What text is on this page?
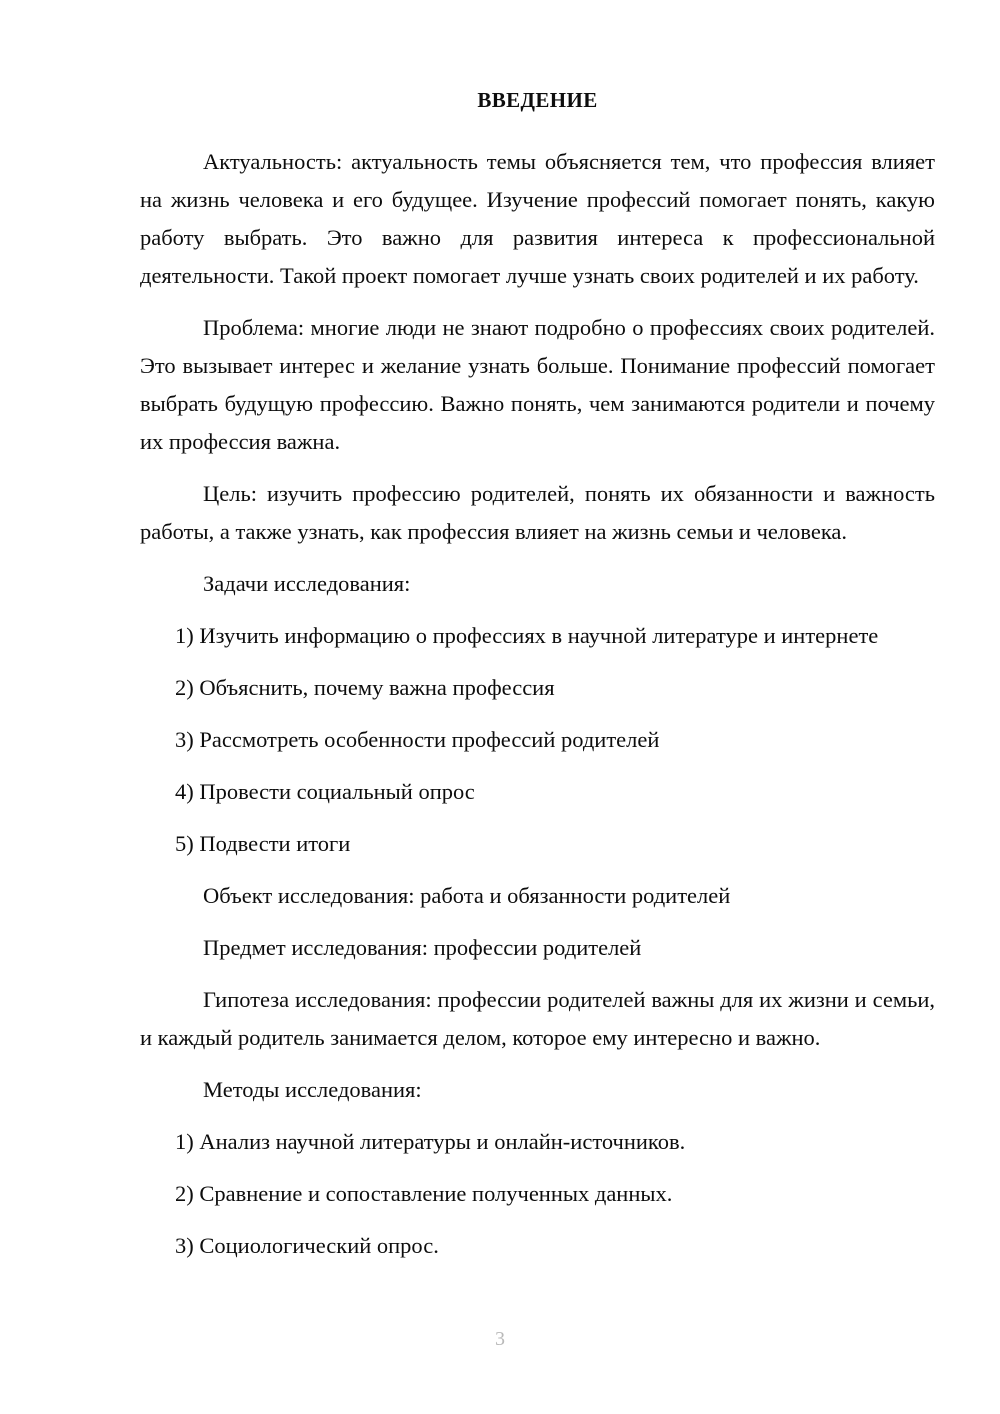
ВВЕДЕНИЕ

Актуальность: актуальность темы объясняется тем, что профессия влияет на жизнь человека и его будущее. Изучение профессий помогает понять, какую работу выбрать. Это важно для развития интереса к профессиональной деятельности. Такой проект помогает лучше узнать своих родителей и их работу.

Проблема: многие люди не знают подробно о профессиях своих родителей. Это вызывает интерес и желание узнать больше. Понимание профессий помогает выбрать будущую профессию. Важно понять, чем занимаются родители и почему их профессия важна.

Цель: изучить профессию родителей, понять их обязанности и важность работы, а также узнать, как профессия влияет на жизнь семьи и человека.

Задачи исследования:

1) Изучить информацию о профессиях в научной литературе и интернете

2) Объяснить, почему важна профессия

3) Рассмотреть особенности профессий родителей

4) Провести социальный опрос

5) Подвести итоги

Объект исследования: работа и обязанности родителей

Предмет исследования: профессии родителей

Гипотеза исследования: профессии родителей важны для их жизни и семьи, и каждый родитель занимается делом, которое ему интересно и важно.

Методы исследования:

1) Анализ научной литературы и онлайн-источников.

2) Сравнение и сопоставление полученных данных.

3) Социологический опрос.

3
